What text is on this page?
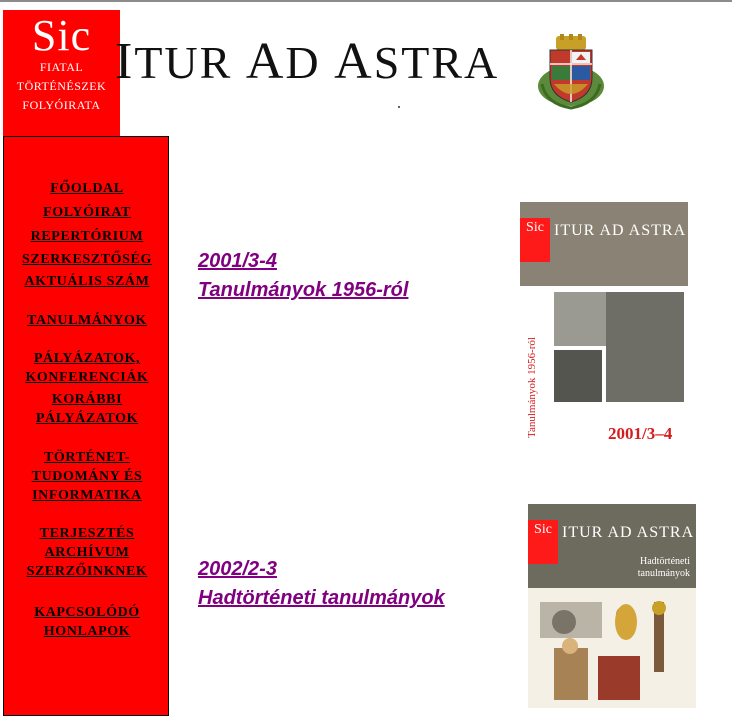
Sic
FIATAL
TÖRTÉNÉSZEK
FOLYÓIRATA
ITUR AD ASTRA
FŐOLDAL
FOLYÓIRAT
REPERTÓRIUM
SZERKESZTŐSÉG
AKTUÁLIS SZÁM
TANULMÁNYOK
PÁLYÁZATOK,
KONFERENCIÁK
KORÁBBI
PÁLYÁZATOK
TÖRTÉNET-
TUDOMÁNY ÉS
INFORMATIKA
TERJESZTÉS
ARCHÍVUM
SZERZŐINKNEK
KAPCSOLÓDÓ
HONLAPOK
2001/3-4
Tanulmányok 1956-ról
2002/2-3
Hadtörténeti tanulmányok
Sic ITUR AD ASTRA
Tanulmányok 1956-ról	2001/3–4
Sic ITUR AD ASTRA
Hadtörténeti
tanulmányok
